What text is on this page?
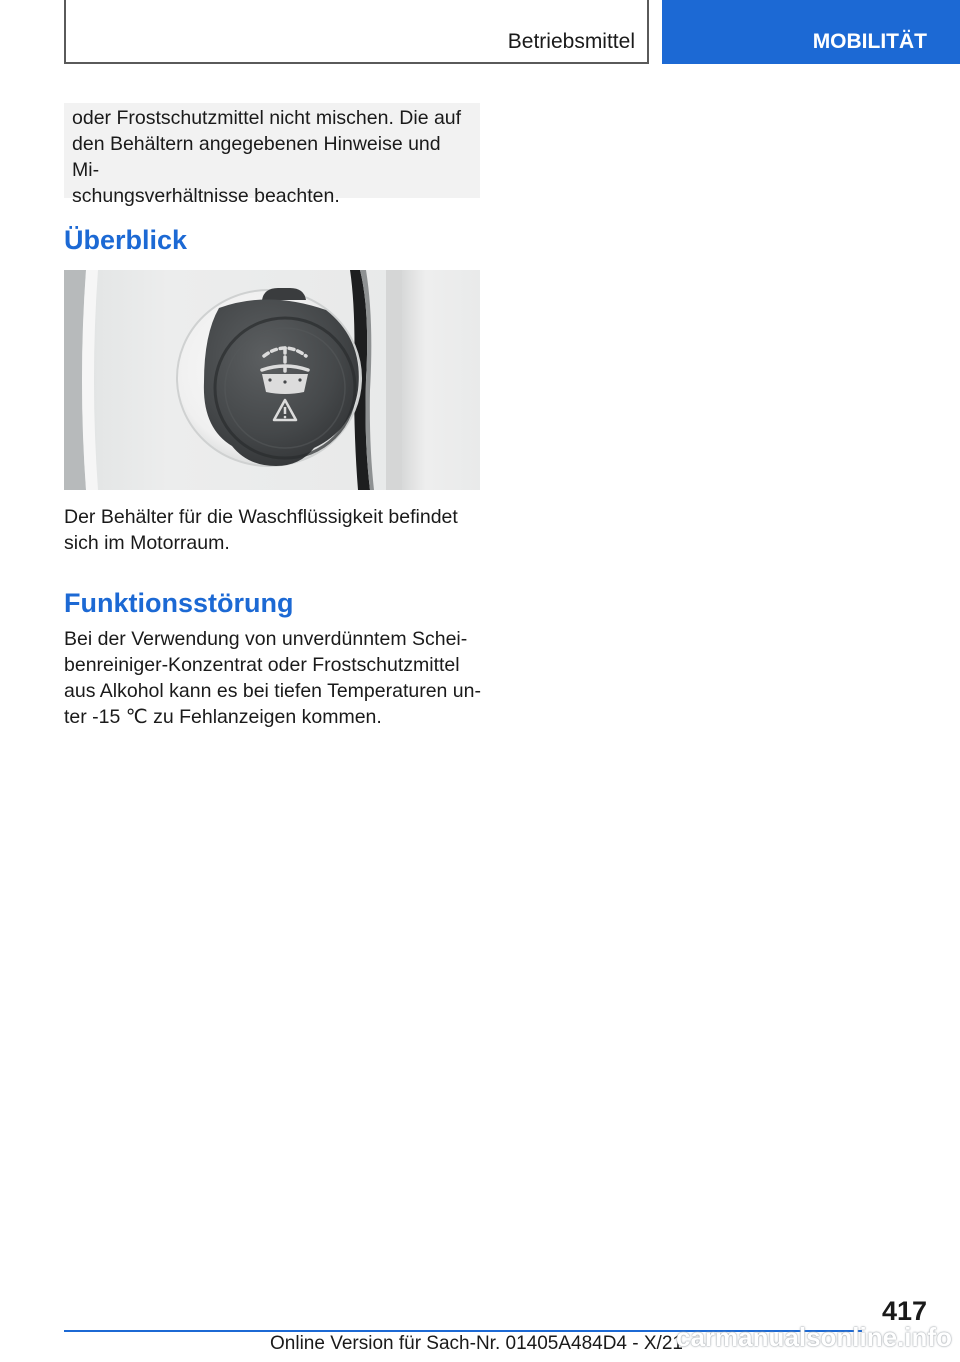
Betriebsmittel	MOBILITÄT
oder Frostschutzmittel nicht mischen. Die auf
den Behältern angegebenen Hinweise und Mi-
schungsverhältnisse beachten.
Überblick
Der Behälter für die Waschflüssigkeit befindet
sich im Motorraum.
Funktionsstörung
Bei der Verwendung von unverdünntem Schei-
benreiniger-Konzentrat oder Frostschutzmittel
aus Alkohol kann es bei tiefen Temperaturen un-
ter -15 ℃ zu Fehlanzeigen kommen.
417
Online Version für Sach-Nr. 01405A484D4 - X/21
carmanualsonline.info
